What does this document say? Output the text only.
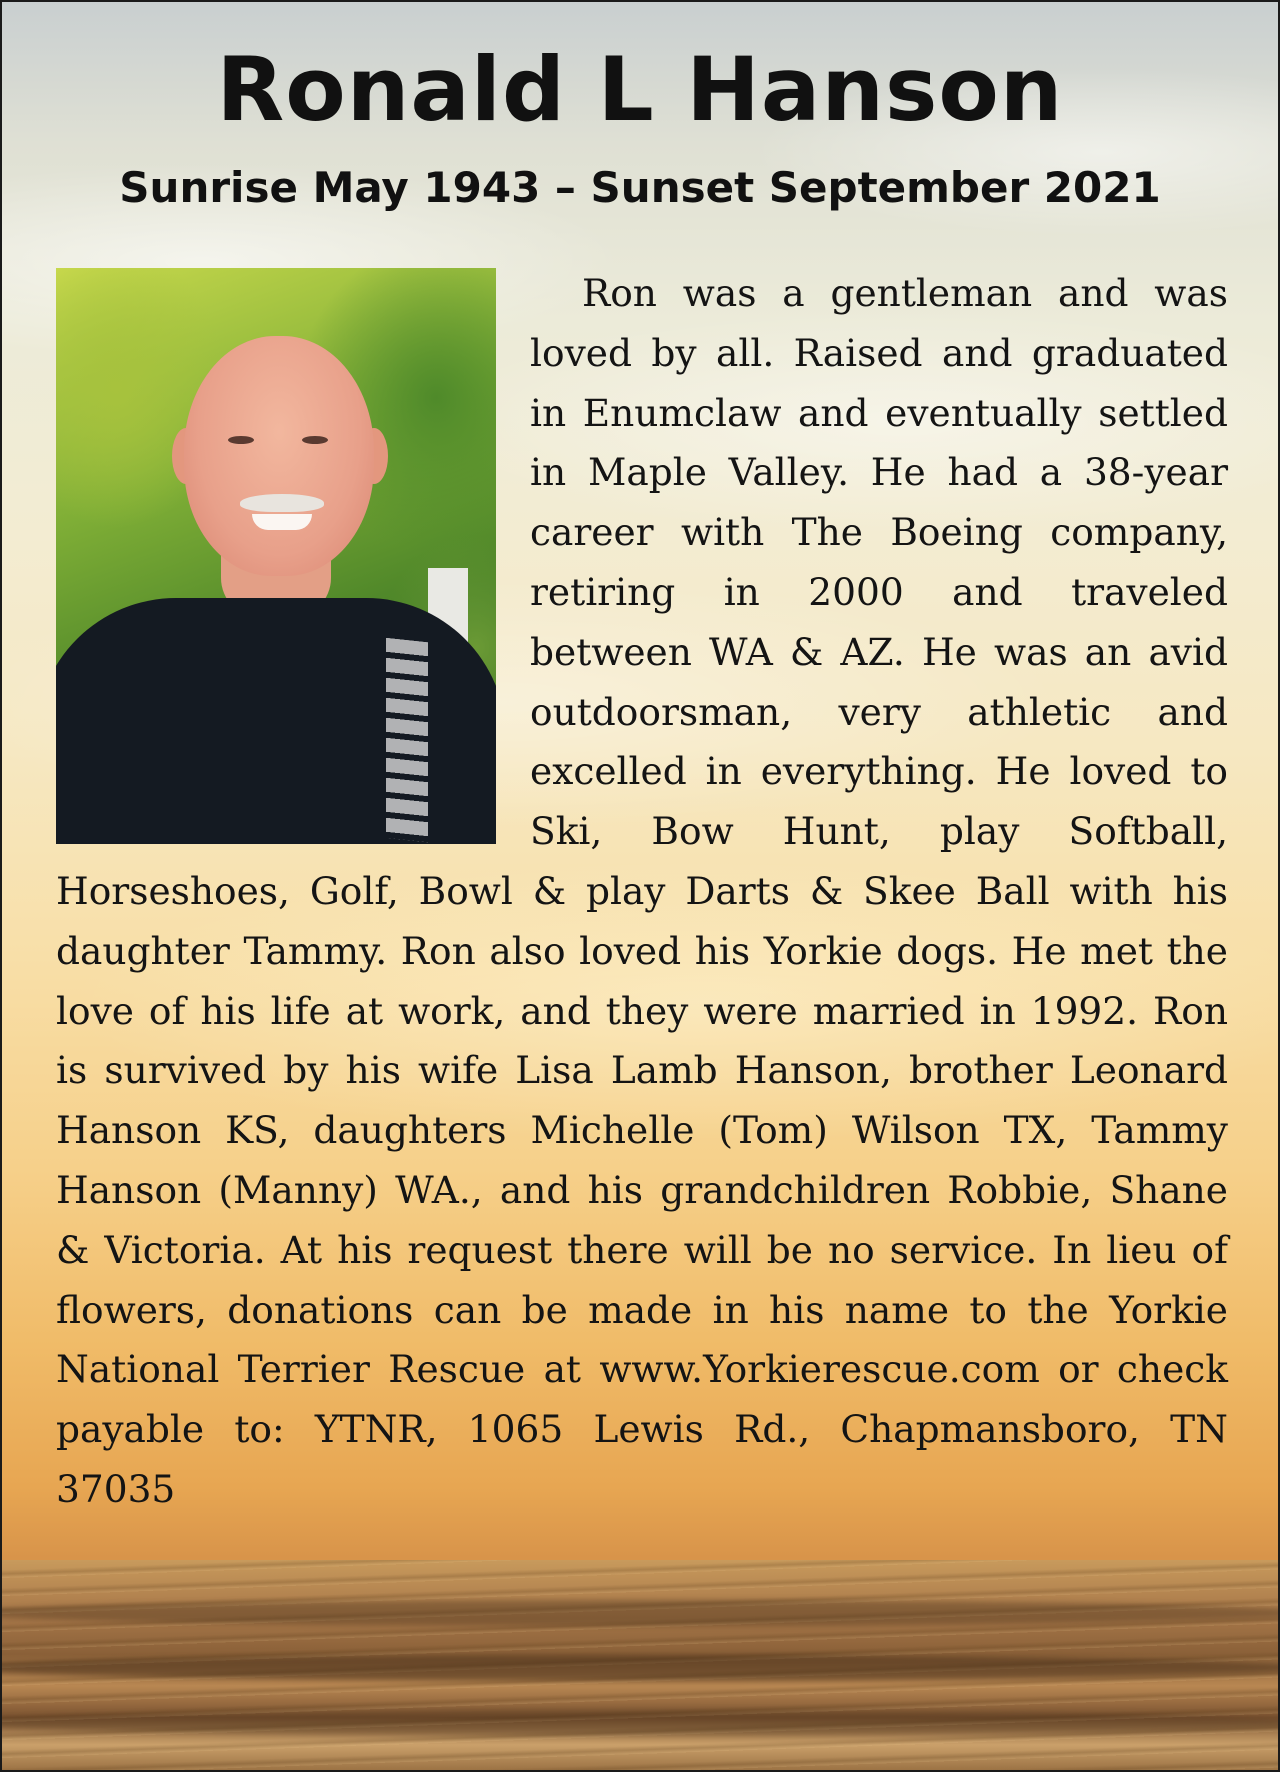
Ronald L Hanson
Sunrise May 1943 – Sunset September 2021

Ron was a gentleman and was loved by all. Raised and graduated in Enumclaw and eventually settled in Maple Valley. He had a 38-year career with The Boeing company, retiring in 2000 and traveled between WA & AZ. He was an avid outdoorsman, very athletic and excelled in everything. He loved to Ski, Bow Hunt, play Softball, Horseshoes, Golf, Bowl & play Darts & Skee Ball with his daughter Tammy. Ron also loved his Yorkie dogs. He met the love of his life at work, and they were married in 1992. Ron is survived by his wife Lisa Lamb Hanson, brother Leonard Hanson KS, daughters Michelle (Tom) Wilson TX, Tammy Hanson (Manny) WA., and his grandchildren Robbie, Shane & Victoria. At his request there will be no service. In lieu of flowers, donations can be made in his name to the Yorkie National Terrier Rescue at www.Yorkierescue.com or check payable to: YTNR, 1065 Lewis Rd., Chapmansboro, TN 37035
